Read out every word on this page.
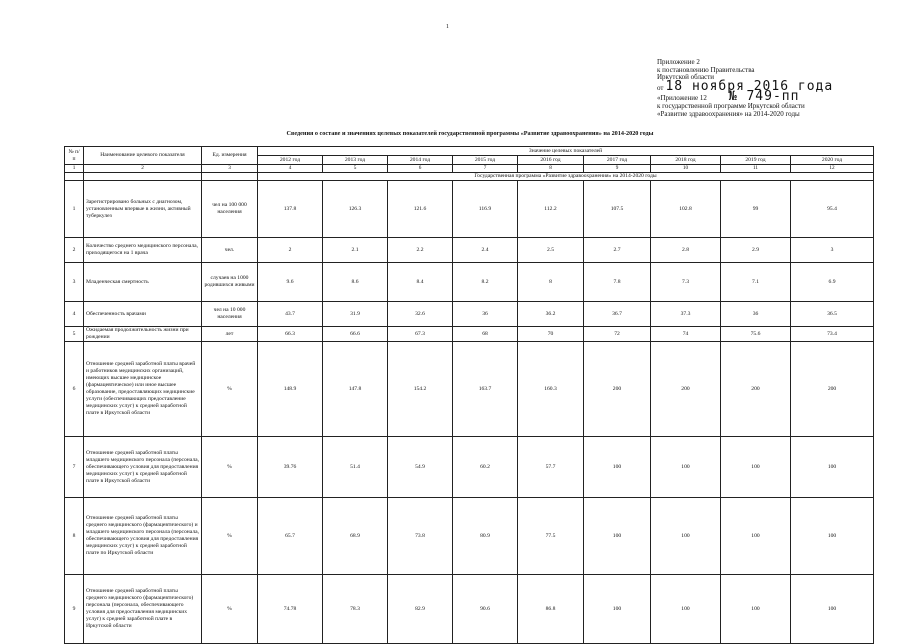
1
Приложение 2
к постановлению Правительства
Иркутской области
от 18 ноября 2016 года
«Приложение 12 № 749-пп
к государственной программе Иркутской области
«Развитие здравоохранения» на 2014-2020 годы
Сведения о составе и значениях целевых показателей государственной программы «Развитие здравоохранения» на 2014-2020 годы
№ п/п	Наименование целевого показателя	Ед. измерения	Значение целевых показателей								
			2012 год	2013 год	2014 год	2015 год	2016 год	2017 год	2018 год	2019 год	2020 год
1	2	3	4	5	6	7	8	9	10	11	12
			Государственная программа «Развитие здравоохранения» на 2014-2020 годы								
1	Зарегистрировано больных с диагнозом, установленным впервые в жизни, активный туберкулез	чел на 100 000 населения	137.8	126.3	121.6	116.9	112.2	107.5	102.8	99	95.4
2	Количество среднего медицинского персонала, приходящегося на 1 врача	чел.	2	2.1	2.2	2.4	2.5	2.7	2.8	2.9	3
3	Младенческая смертность	случаев на 1000 родившихся живыми	9.6	8.6	8.4	8.2	8	7.8	7.3	7.1	6.9
4	Обеспеченность врачами	чел на 10 000 населения	43.7	31.9	32.6	36	36.2	36.7	37.3	36	36.5
5	Ожидаемая продолжительность жизни при рождении	лет	66.3	66.6	67.3	68	70	72	74	75.6	73.4
6	Отношение средней заработной платы врачей и работников медицинских организаций, имеющих высшее медицинское (фармацевтическое) или иное высшее образование, предоставляющих медицинские услуги (обеспечивающих предоставление медицинских услуг) к средней заработной плате в Иркутской области	%	148.9	147.8	154.2	163.7	160.3	200	200	200	200
7	Отношение средней заработной платы младшего медицинского персонала (персонала, обеспечивающего условия для предоставления медицинских услуг) к средней заработной плате в Иркутской области	%	39.76	51.4	54.9	60.2	57.7	100	100	100	100
8	Отношение средней заработной платы среднего медицинского (фармацевтического) и младшего медицинского персонала (персонала, обеспечивающего условия для предоставления медицинских услуг) к средней заработной плате по Иркутской области	%	65.7	68.9	73.8	80.9	77.5	100	100	100	100
9	Отношение средней заработной платы среднего медицинского (фармацевтического) персонала (персонала, обеспечивающего условия для предоставления медицинских услуг) к средней заработной плате в Иркутской области	%	74.78	78.3	82.9	90.6	86.8	100	100	100	100
